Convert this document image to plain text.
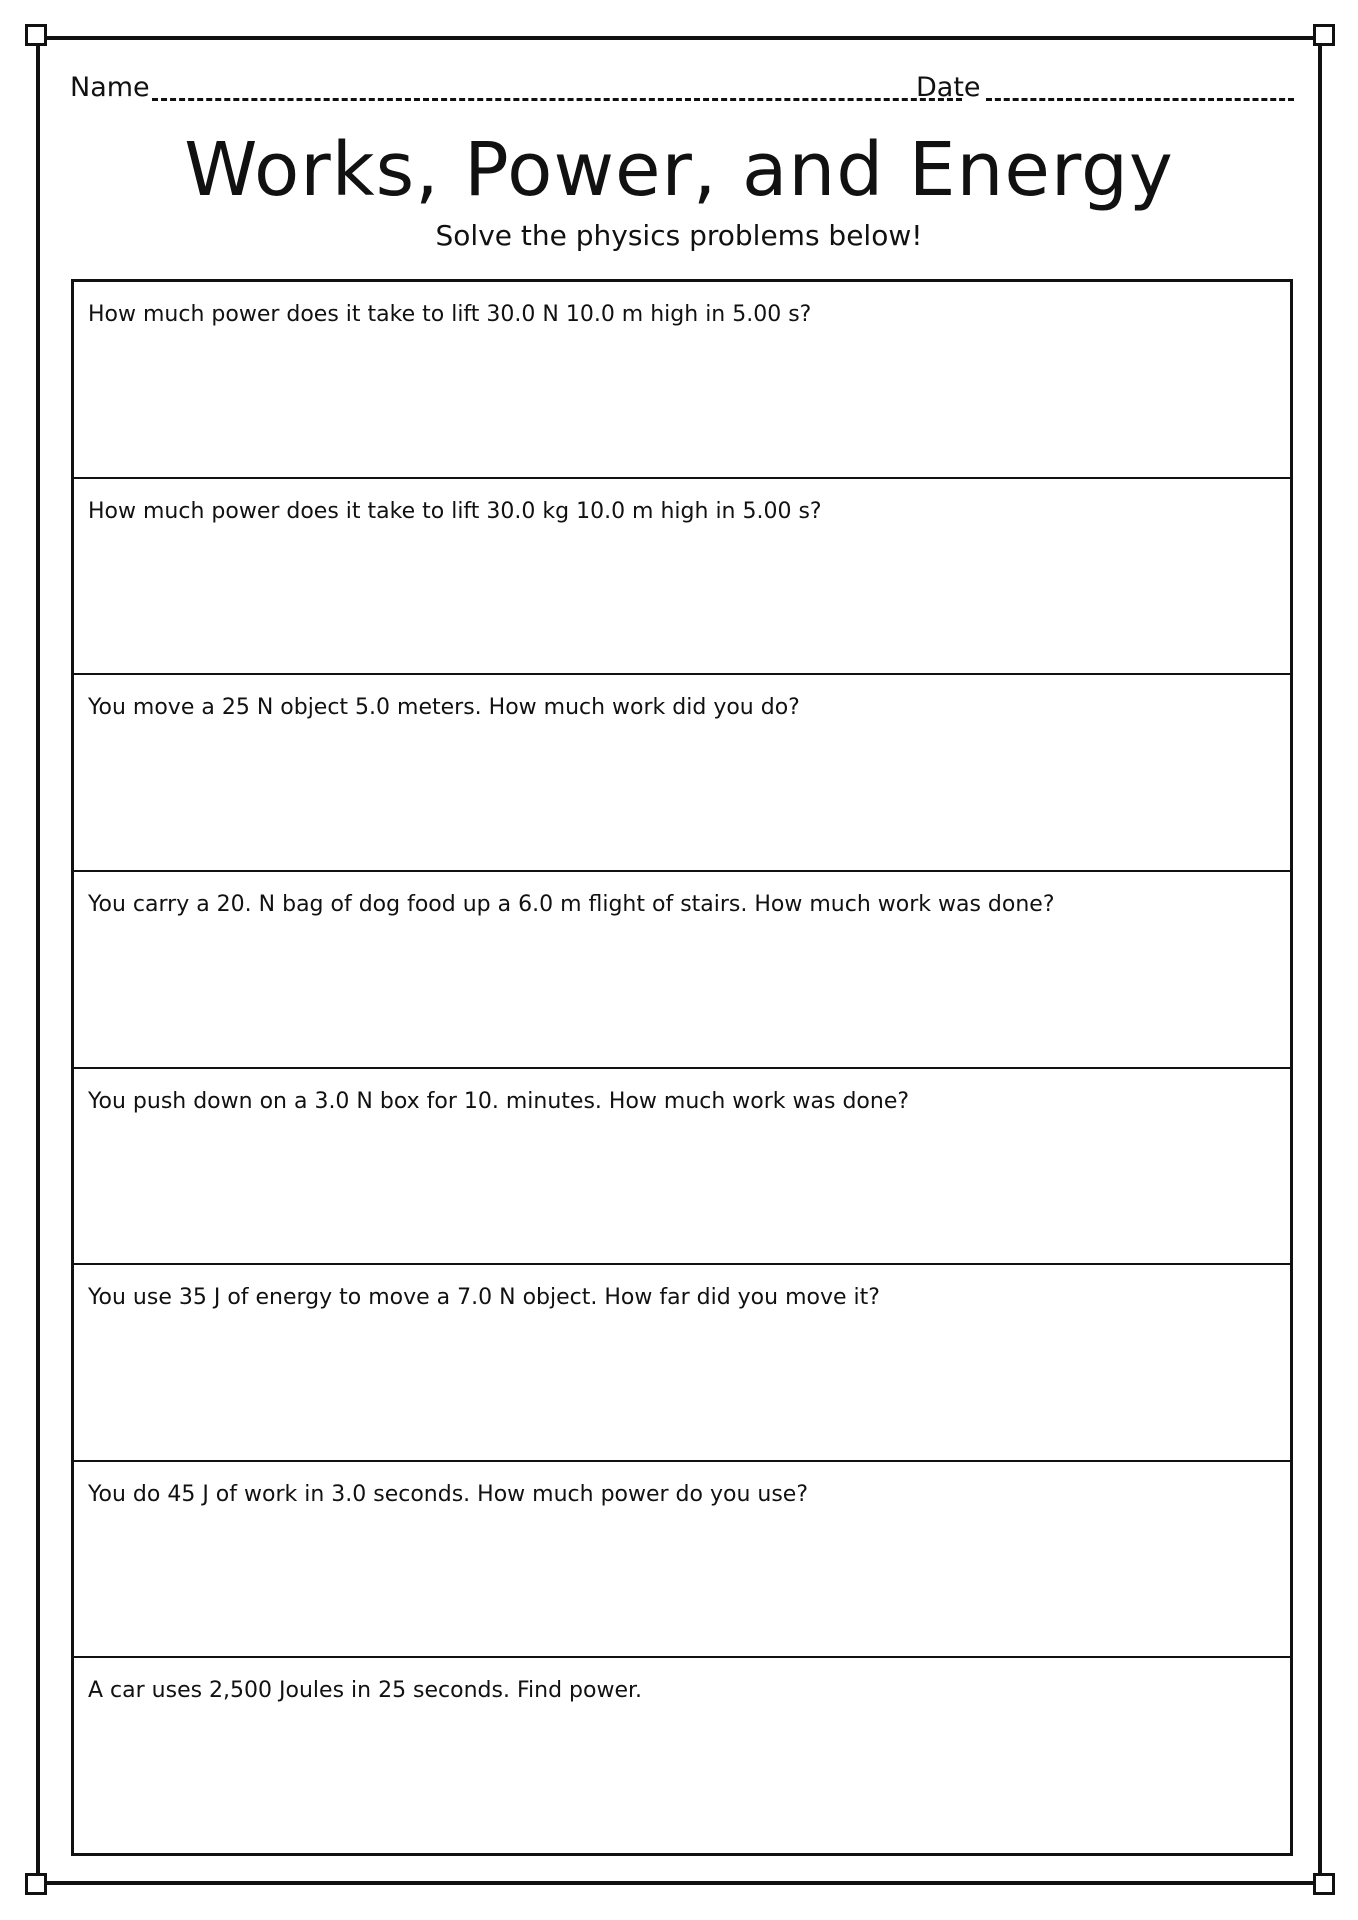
Name	Date
Works, Power, and Energy
Solve the physics problems below!
How much power does it take to lift 30.0 N 10.0 m high in 5.00 s?
How much power does it take to lift 30.0 kg 10.0 m high in 5.00 s?
You move a 25 N object 5.0 meters. How much work did you do?
You carry a 20. N bag of dog food up a 6.0 m flight of stairs. How much work was done?
You push down on a 3.0 N box for 10. minutes. How much work was done?
You use 35 J of energy to move a 7.0 N object. How far did you move it?
You do 45 J of work in 3.0 seconds. How much power do you use?
A car uses 2,500 Joules in 25 seconds. Find power.
